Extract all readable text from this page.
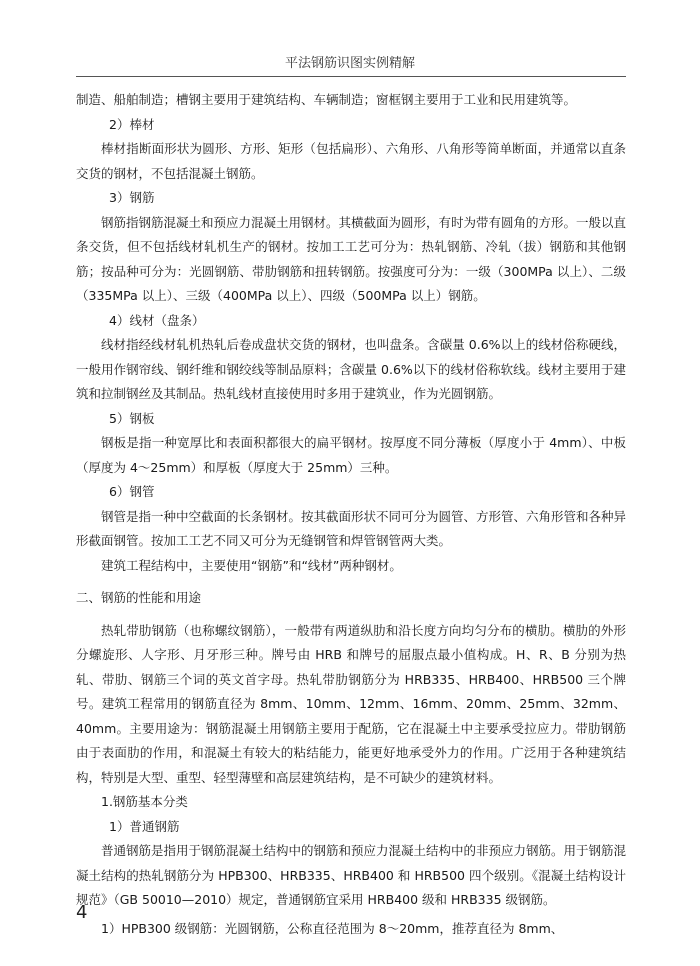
平法钢筋识图实例精解

制造、船舶制造；槽钢主要用于建筑结构、车辆制造；窗框钢主要用于工业和民用建筑等。

2）棒材

棒材指断面形状为圆形、方形、矩形（包括扁形）、六角形、八角形等简单断面，并通常以直条交货的钢材，不包括混凝土钢筋。

3）钢筋

钢筋指钢筋混凝土和预应力混凝土用钢材。其横截面为圆形，有时为带有圆角的方形。一般以直条交货，但不包括线材轧机生产的钢材。按加工工艺可分为：热轧钢筋、冷轧（拔）钢筋和其他钢筋；按品种可分为：光圆钢筋、带肋钢筋和扭转钢筋。按强度可分为：一级（300MPa 以上）、二级（335MPa 以上）、三级（400MPa 以上）、四级（500MPa 以上）钢筋。

4）线材（盘条）

线材指经线材轧机热轧后卷成盘状交货的钢材，也叫盘条。含碳量 0.6%以上的线材俗称硬线，一般用作钢帘线、钢纤维和钢绞线等制品原料；含碳量 0.6%以下的线材俗称软线。线材主要用于建筑和拉制钢丝及其制品。热轧线材直接使用时多用于建筑业，作为光圆钢筋。

5）钢板

钢板是指一种宽厚比和表面积都很大的扁平钢材。按厚度不同分薄板（厚度小于 4mm）、中板（厚度为 4～25mm）和厚板（厚度大于 25mm）三种。

6）钢管

钢管是指一种中空截面的长条钢材。按其截面形状不同可分为圆管、方形管、六角形管和各种异形截面钢管。按加工工艺不同又可分为无缝钢管和焊管钢管两大类。

建筑工程结构中，主要使用“钢筋”和“线材”两种钢材。

二、钢筋的性能和用途

热轧带肋钢筋（也称螺纹钢筋），一般带有两道纵肋和沿长度方向均匀分布的横肋。横肋的外形分螺旋形、人字形、月牙形三种。牌号由 HRB 和牌号的屈服点最小值构成。H、R、B 分别为热轧、带肋、钢筋三个词的英文首字母。热轧带肋钢筋分为 HRB335、HRB400、HRB500 三个牌号。建筑工程常用的钢筋直径为 8mm、10mm、12mm、16mm、20mm、25mm、32mm、40mm。主要用途为：钢筋混凝土用钢筋主要用于配筋，它在混凝土中主要承受拉应力。带肋钢筋由于表面肋的作用，和混凝土有较大的粘结能力，能更好地承受外力的作用。广泛用于各种建筑结构，特别是大型、重型、轻型薄壁和高层建筑结构，是不可缺少的建筑材料。

1.钢筋基本分类

1）普通钢筋

普通钢筋是指用于钢筋混凝土结构中的钢筋和预应力混凝土结构中的非预应力钢筋。用于钢筋混凝土结构的热轧钢筋分为 HPB300、HRB335、HRB400 和 HRB500 四个级别。《混凝土结构设计规范》（GB 50010—2010）规定，普通钢筋宜采用 HRB400 级和 HRB335 级钢筋。

1）HPB300 级钢筋：光圆钢筋，公称直径范围为 8～20mm，推荐直径为 8mm、

4
